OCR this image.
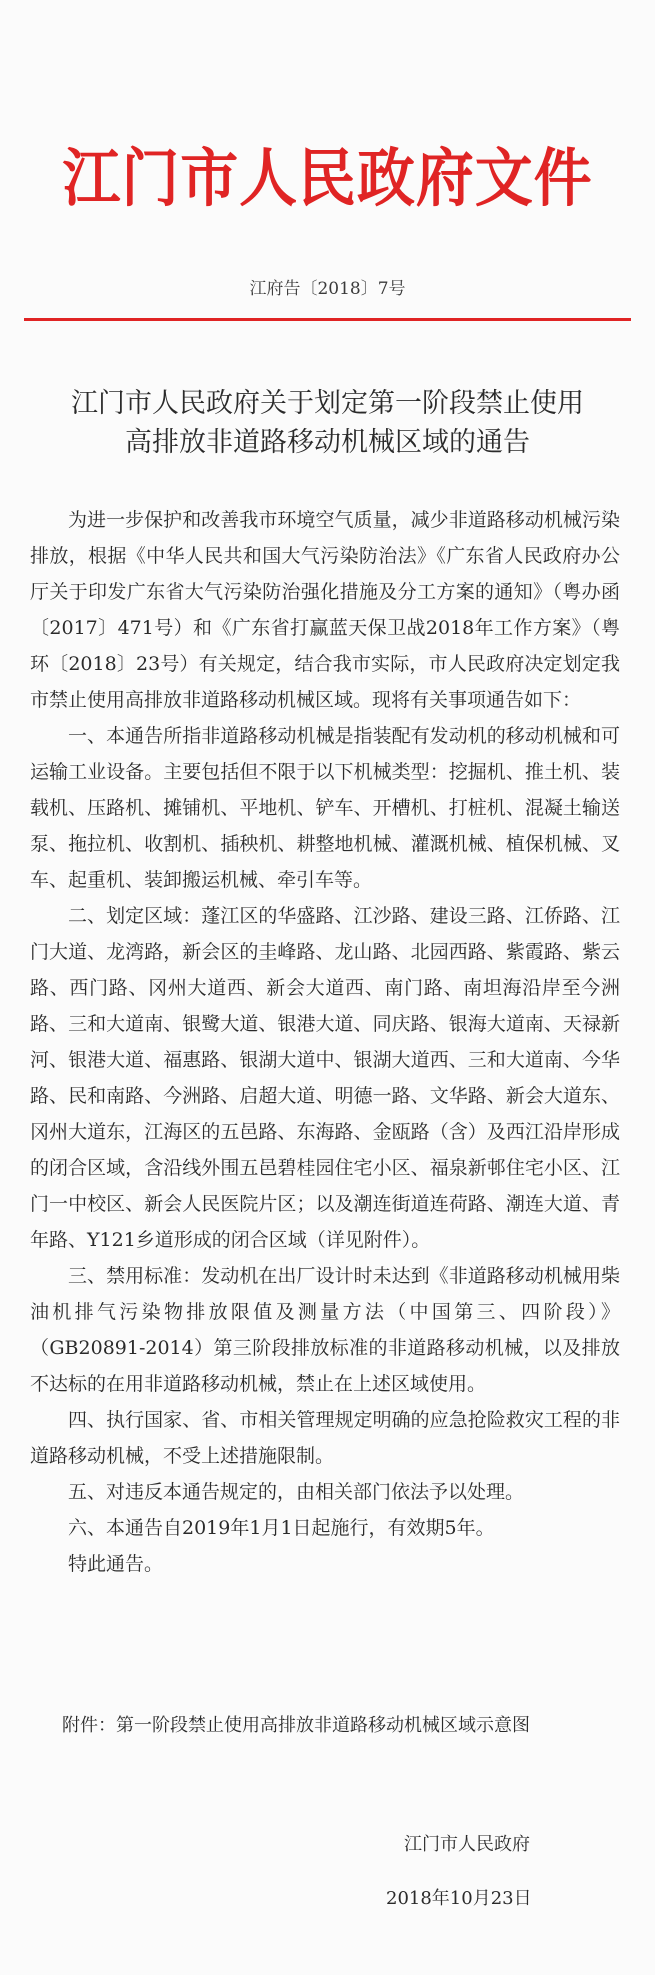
江门市人民政府文件
江府告〔2018〕7号
江门市人民政府关于划定第一阶段禁止使用
高排放非道路移动机械区域的通告

为进一步保护和改善我市环境空气质量，减少非道路移动机械污染排放，根据《中华人民共和国大气污染防治法》《广东省人民政府办公厅关于印发广东省大气污染防治强化措施及分工方案的通知》（粤办函〔2017〕471号）和《广东省打赢蓝天保卫战2018年工作方案》（粤环〔2018〕23号）有关规定，结合我市实际，市人民政府决定划定我市禁止使用高排放非道路移动机械区域。现将有关事项通告如下：

一、本通告所指非道路移动机械是指装配有发动机的移动机械和可运输工业设备。主要包括但不限于以下机械类型：挖掘机、推土机、装载机、压路机、摊铺机、平地机、铲车、开槽机、打桩机、混凝土输送泵、拖拉机、收割机、插秧机、耕整地机械、灌溉机械、植保机械、叉车、起重机、装卸搬运机械、牵引车等。

二、划定区域：蓬江区的华盛路、江沙路、建设三路、江侨路、江门大道、龙湾路，新会区的圭峰路、龙山路、北园西路、紫霞路、紫云路、西门路、冈州大道西、新会大道西、南门路、南坦海沿岸至今洲路、三和大道南、银鹭大道、银港大道、同庆路、银海大道南、天禄新河、银港大道、福惠路、银湖大道中、银湖大道西、三和大道南、今华路、民和南路、今洲路、启超大道、明德一路、文华路、新会大道东、冈州大道东，江海区的五邑路、东海路、金瓯路（含）及西江沿岸形成的闭合区域，含沿线外围五邑碧桂园住宅小区、福泉新邨住宅小区、江门一中校区、新会人民医院片区；以及潮连街道连荷路、潮连大道、青年路、Y121乡道形成的闭合区域（详见附件）。

三、禁用标准：发动机在出厂设计时未达到《非道路移动机械用柴油机排气污染物排放限值及测量方法（中国第三、四阶段）》（GB20891-2014）第三阶段排放标准的非道路移动机械，以及排放不达标的在用非道路移动机械，禁止在上述区域使用。

四、执行国家、省、市相关管理规定明确的应急抢险救灾工程的非道路移动机械，不受上述措施限制。

五、对违反本通告规定的，由相关部门依法予以处理。

六、本通告自2019年1月1日起施行，有效期5年。

特此通告。

附件：第一阶段禁止使用高排放非道路移动机械区域示意图
江门市人民政府
2018年10月23日
